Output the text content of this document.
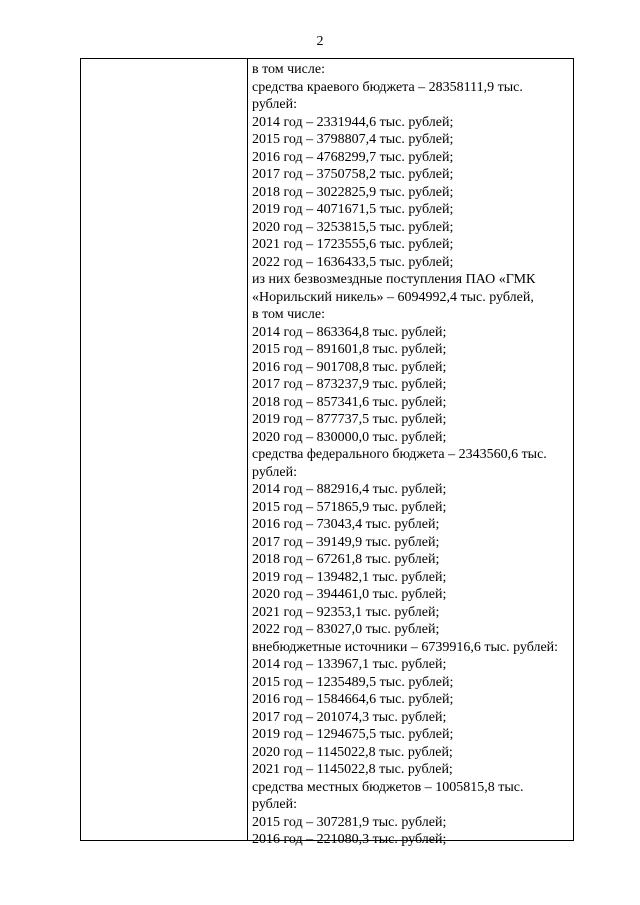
2

в том числе:

средства краевого бюджета – 28358111,9 тыс.

рублей:

2014 год – 2331944,6 тыс. рублей;

2015 год – 3798807,4 тыс. рублей;

2016 год – 4768299,7 тыс. рублей;

2017 год – 3750758,2 тыс. рублей;

2018 год – 3022825,9 тыс. рублей;

2019 год – 4071671,5 тыс. рублей;

2020 год – 3253815,5 тыс. рублей;

2021 год – 1723555,6 тыс. рублей;

2022 год – 1636433,5 тыс. рублей;

из них безвозмездные поступления ПАО «ГМК

«Норильский никель» – 6094992,4 тыс. рублей,

в том числе:

2014 год – 863364,8 тыс. рублей;

2015 год – 891601,8 тыс. рублей;

2016 год – 901708,8 тыс. рублей;

2017 год – 873237,9 тыс. рублей;

2018 год – 857341,6 тыс. рублей;

2019 год – 877737,5 тыс. рублей;

2020 год – 830000,0 тыс. рублей;

средства федерального бюджета – 2343560,6 тыс.

рублей:

2014 год – 882916,4 тыс. рублей;

2015 год – 571865,9 тыс. рублей;

2016 год – 73043,4 тыс. рублей;

2017 год – 39149,9 тыс. рублей;

2018 год – 67261,8 тыс. рублей;

2019 год – 139482,1 тыс. рублей;

2020 год – 394461,0 тыс. рублей;

2021 год – 92353,1 тыс. рублей;

2022 год – 83027,0 тыс. рублей;

внебюджетные источники – 6739916,6 тыс. рублей:

2014 год – 133967,1 тыс. рублей;

2015 год – 1235489,5 тыс. рублей;

2016 год – 1584664,6 тыс. рублей;

2017 год – 201074,3 тыс. рублей;

2019 год – 1294675,5 тыс. рублей;

2020 год – 1145022,8 тыс. рублей;

2021 год – 1145022,8 тыс. рублей;

средства местных бюджетов – 1005815,8 тыс.

рублей:

2015 год – 307281,9 тыс. рублей;

2016 год – 221080,3 тыс. рублей;
